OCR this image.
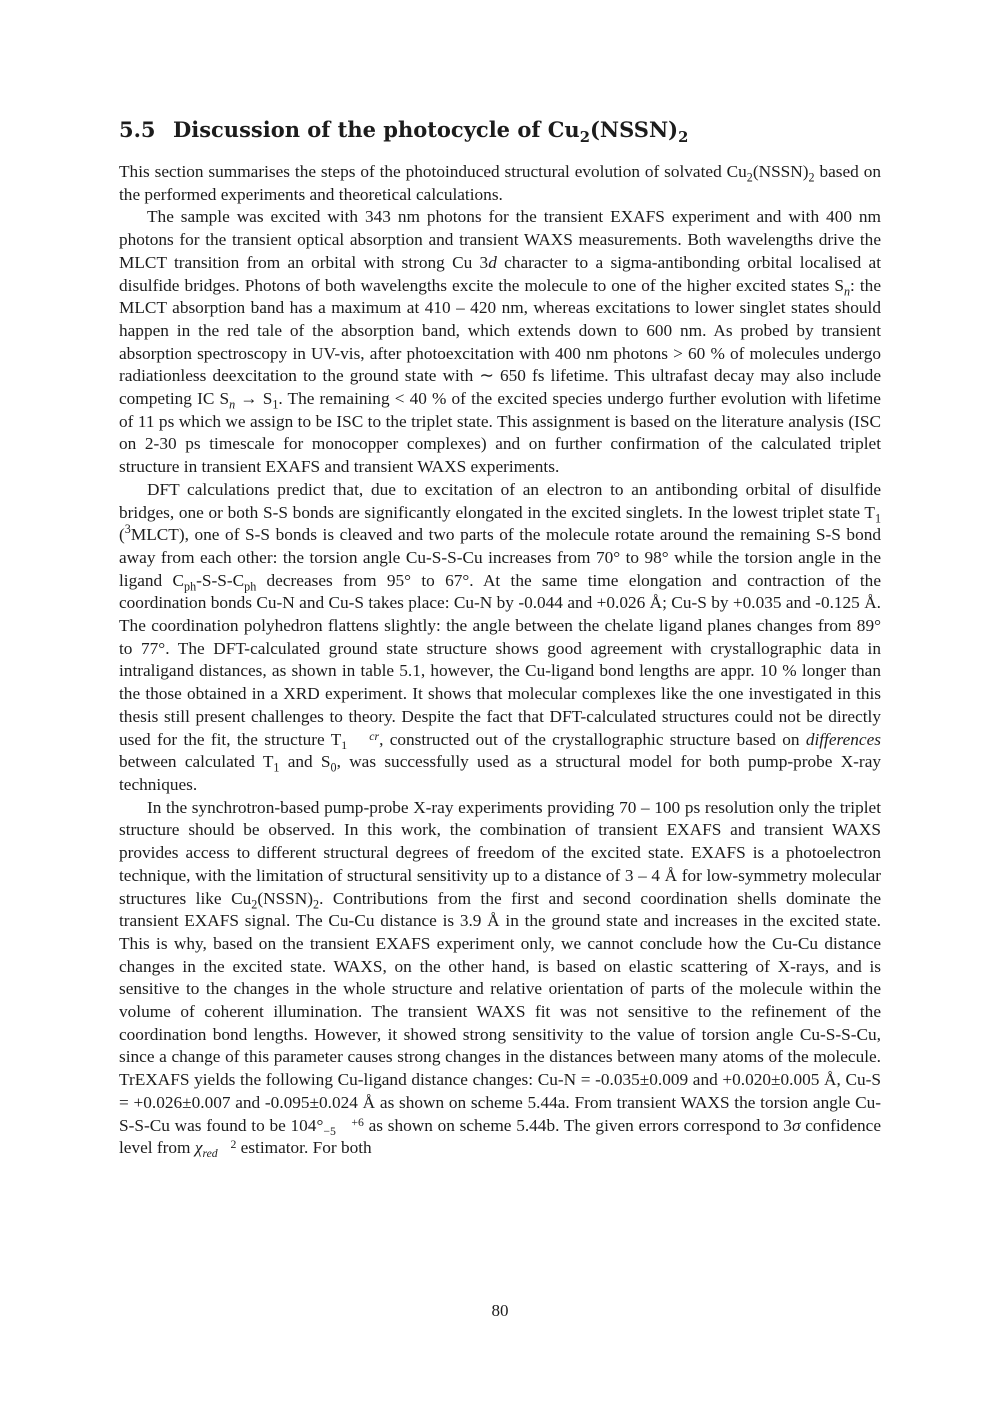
5.5 Discussion of the photocycle of $Cu_2(NSSN)_2$

This section summarises the steps of the photoinduced structural evolution of solvated $Cu_2(NSSN)_2$ based on the performed experiments and theoretical calculations.

The sample was excited with 343 nm photons for the transient EXAFS experiment and with 400 nm photons for the transient optical absorption and transient WAXS measurements. Both wavelengths drive the MLCT transition from an orbital with strong Cu 3d character to a sigma-antibonding orbital localised at disulfide bridges. Photons of both wavelengths excite the molecule to one of the higher excited states $S_n$: the MLCT absorption band has a maximum at 410 – 420 nm, whereas excitations to lower singlet states should happen in the red tale of the absorption band, which extends down to 600 nm. As probed by transient absorption spectroscopy in UV-vis, after photoexcitation with 400 nm photons > 60 % of molecules undergo radiationless deexcitation to the ground state with ∼ 650 fs lifetime. This ultrafast decay may also include competing IC $S_n \to S_1$. The remaining < 40 % of the excited species undergo further evolution with lifetime of 11 ps which we assign to be ISC to the triplet state. This assignment is based on the literature analysis (ISC on 2-30 ps timescale for monocopper complexes) and on further confirmation of the calculated triplet structure in transient EXAFS and transient WAXS experiments.

DFT calculations predict that, due to excitation of an electron to an antibonding orbital of disulfide bridges, one or both S-S bonds are significantly elongated in the excited singlets. In the lowest triplet state $T_1$ ($^3$MLCT), one of S-S bonds is cleaved and two parts of the molecule rotate around the remaining S-S bond away from each other: the torsion angle Cu-S-S-Cu increases from 70° to 98° while the torsion angle in the ligand $C_{ph}-S-S-C_{ph}$ decreases from 95° to 67°. At the same time elongation and contraction of the coordination bonds Cu-N and Cu-S takes place: Cu-N by -0.044 and +0.026 Å; Cu-S by +0.035 and -0.125 Å. The coordination polyhedron flattens slightly: the angle between the chelate ligand planes changes from 89° to 77°. The DFT-calculated ground state structure shows good agreement with crystallographic data in intraligand distances, as shown in table 5.1, however, the Cu-ligand bond lengths are appr. 10 % longer than the those obtained in a XRD experiment. It shows that molecular complexes like the one investigated in this thesis still present challenges to theory. Despite the fact that DFT-calculated structures could not be directly used for the fit, the structure T cr
1 , constructed out of the crystallographic structure based on differences between calculated $T_1$ and $S_0$, was successfully used as a structural model for both pump-probe X-ray techniques.

In the synchrotron-based pump-probe X-ray experiments providing 70 – 100 ps resolution only the triplet structure should be observed. In this work, the combination of transient EXAFS and transient WAXS provides access to different structural degrees of freedom of the excited state. EXAFS is a photoelectron technique, with the limitation of structural sensitivity up to a distance of 3 – 4 Å for low-symmetry molecular structures like $Cu_2(NSSN)_2$. Contributions from the first and second coordination shells dominate the transient EXAFS signal. The Cu-Cu distance is 3.9 Å in the ground state and increases in the excited state. This is why, based on the transient EXAFS experiment only, we cannot conclude how the Cu-Cu distance changes in the excited state. WAXS, on the other hand, is based on elastic scattering of X-rays, and is sensitive to the changes in the whole structure and relative orientation of parts of the molecule within the volume of coherent illumination. The transient WAXS fit was not sensitive to the refinement of the coordination bond lengths. However, it showed strong sensitivity to the value of torsion angle Cu-S-S-Cu, since a change of this parameter causes strong changes in the distances between many atoms of the molecule. TrEXAFS yields the following Cu-ligand distance changes: Cu-N = -0.035±0.009 and +0.020±0.005 Å, Cu-S = +0.026±0.007 and -0.095±0.024 Å as shown on scheme 5.44a. From transient WAXS the torsion angle Cu-S-S-Cu was found to be 104° +6
−5 as shown on scheme 5.44b. The given errors correspond to 3σ confidence level from χ 2
red estimator. For both

80
